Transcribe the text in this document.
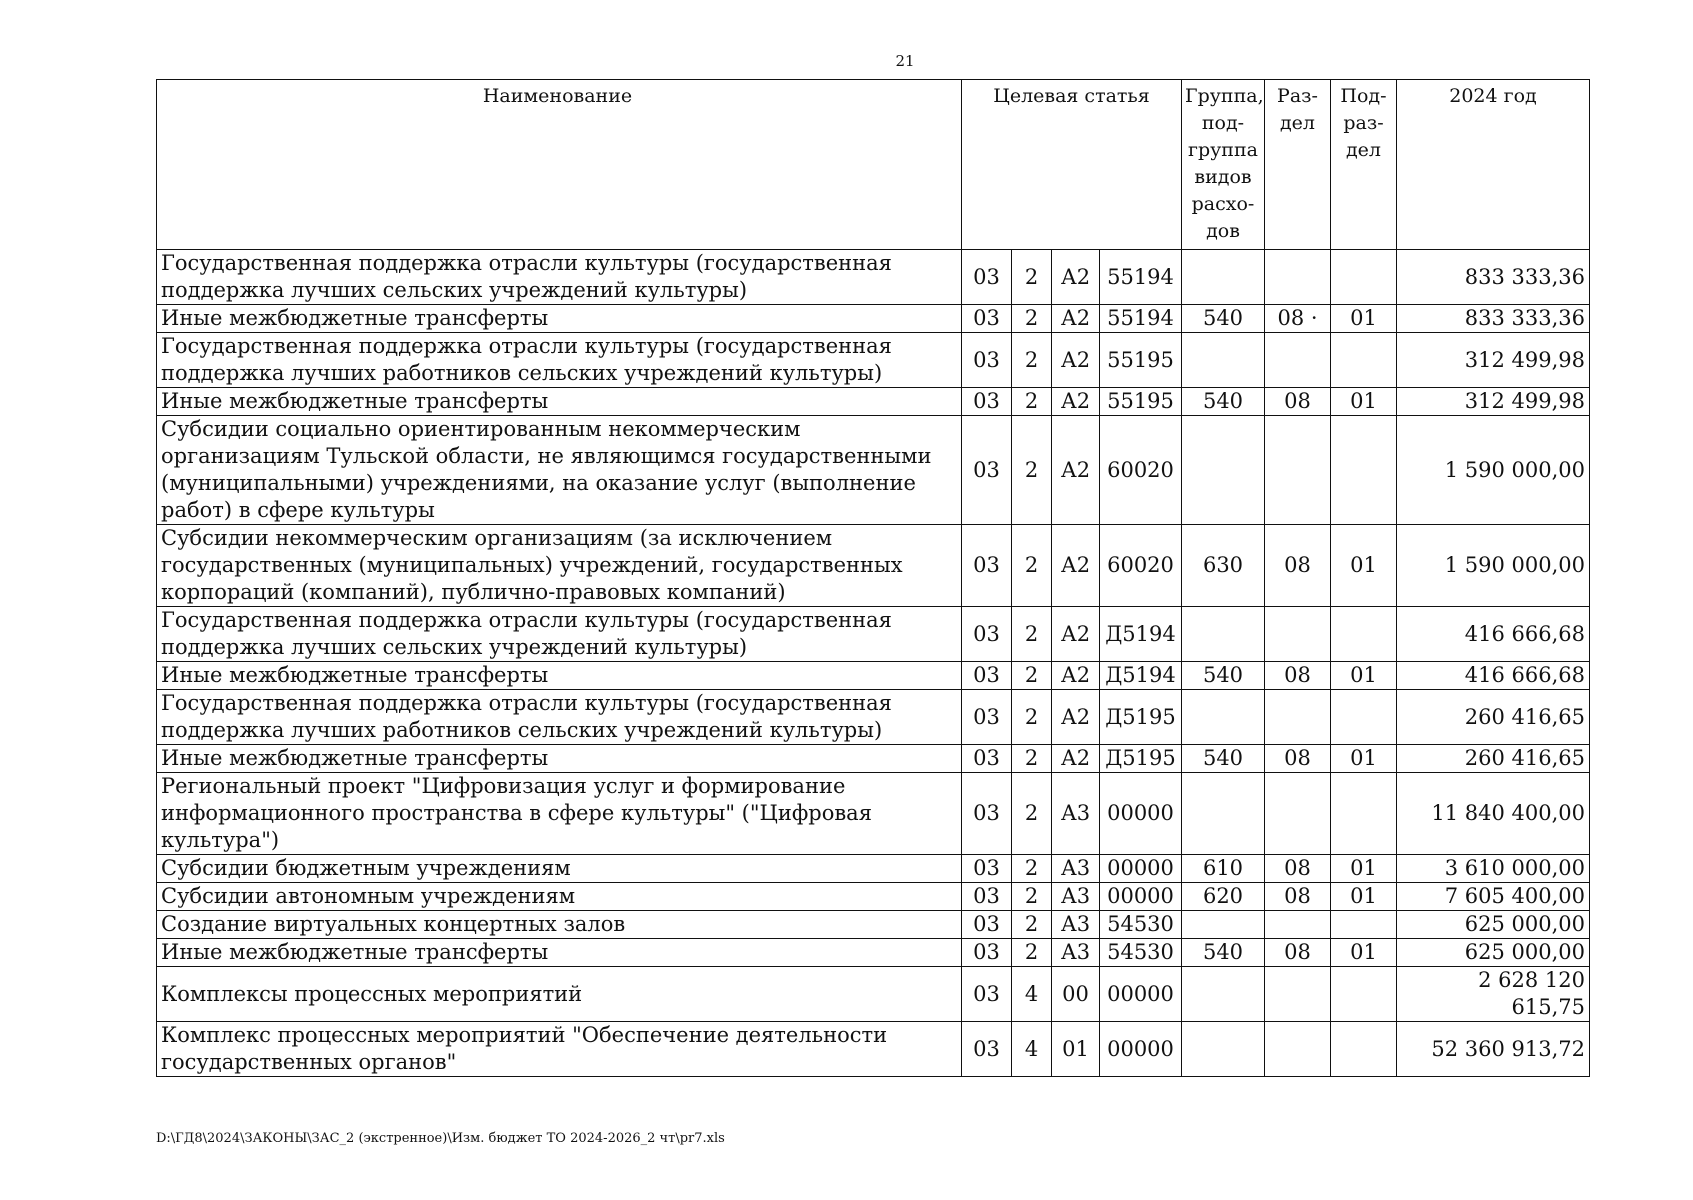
21
Наименование	Целевая статья				Группа, под- группа видов расхо- дов	Раз- дел	Под- раз- дел	2024 год
Государственная поддержка отрасли культуры (государственная поддержка лучших сельских учреждений культуры)	03	2	А2	55194				833 333,36
Иные межбюджетные трансферты	03	2	А2	55194	540	08 ·	01	833 333,36
Государственная поддержка отрасли культуры (государственная поддержка лучших работников сельских учреждений культуры)	03	2	А2	55195				312 499,98
Иные межбюджетные трансферты	03	2	А2	55195	540	08	01	312 499,98
Субсидии социально ориентированным некоммерческим организациям Тульской области, не являющимся государственными (муниципальными) учреждениями, на оказание услуг (выполнение работ) в сфере культуры	03	2	А2	60020				1 590 000,00
Субсидии некоммерческим организациям (за исключением государственных (муниципальных) учреждений, государственных корпораций (компаний), публично-правовых компаний)	03	2	А2	60020	630	08	01	1 590 000,00
Государственная поддержка отрасли культуры (государственная поддержка лучших сельских учреждений культуры)	03	2	А2	Д5194				416 666,68
Иные межбюджетные трансферты	03	2	А2	Д5194	540	08	01	416 666,68
Государственная поддержка отрасли культуры (государственная поддержка лучших работников сельских учреждений культуры)	03	2	А2	Д5195				260 416,65
Иные межбюджетные трансферты	03	2	А2	Д5195	540	08	01	260 416,65
Региональный проект "Цифровизация услуг и формирование информационного пространства в сфере культуры" ("Цифровая культура")	03	2	А3	00000				11 840 400,00
Субсидии бюджетным учреждениям	03	2	А3	00000	610	08	01	3 610 000,00
Субсидии автономным учреждениям	03	2	А3	00000	620	08	01	7 605 400,00
Создание виртуальных концертных залов	03	2	А3	54530				625 000,00
Иные межбюджетные трансферты	03	2	А3	54530	540	08	01	625 000,00
Комплексы процессных мероприятий	03	4	00	00000				2 628 120 615,75
Комплекс процессных мероприятий "Обеспечение деятельности государственных органов"	03	4	01	00000				52 360 913,72
D:\ГД8\2024\ЗАКОНЫ\ЗАС_2 (экстренное)\Изм. бюджет ТО 2024-2026_2 чт\pr7.xls
